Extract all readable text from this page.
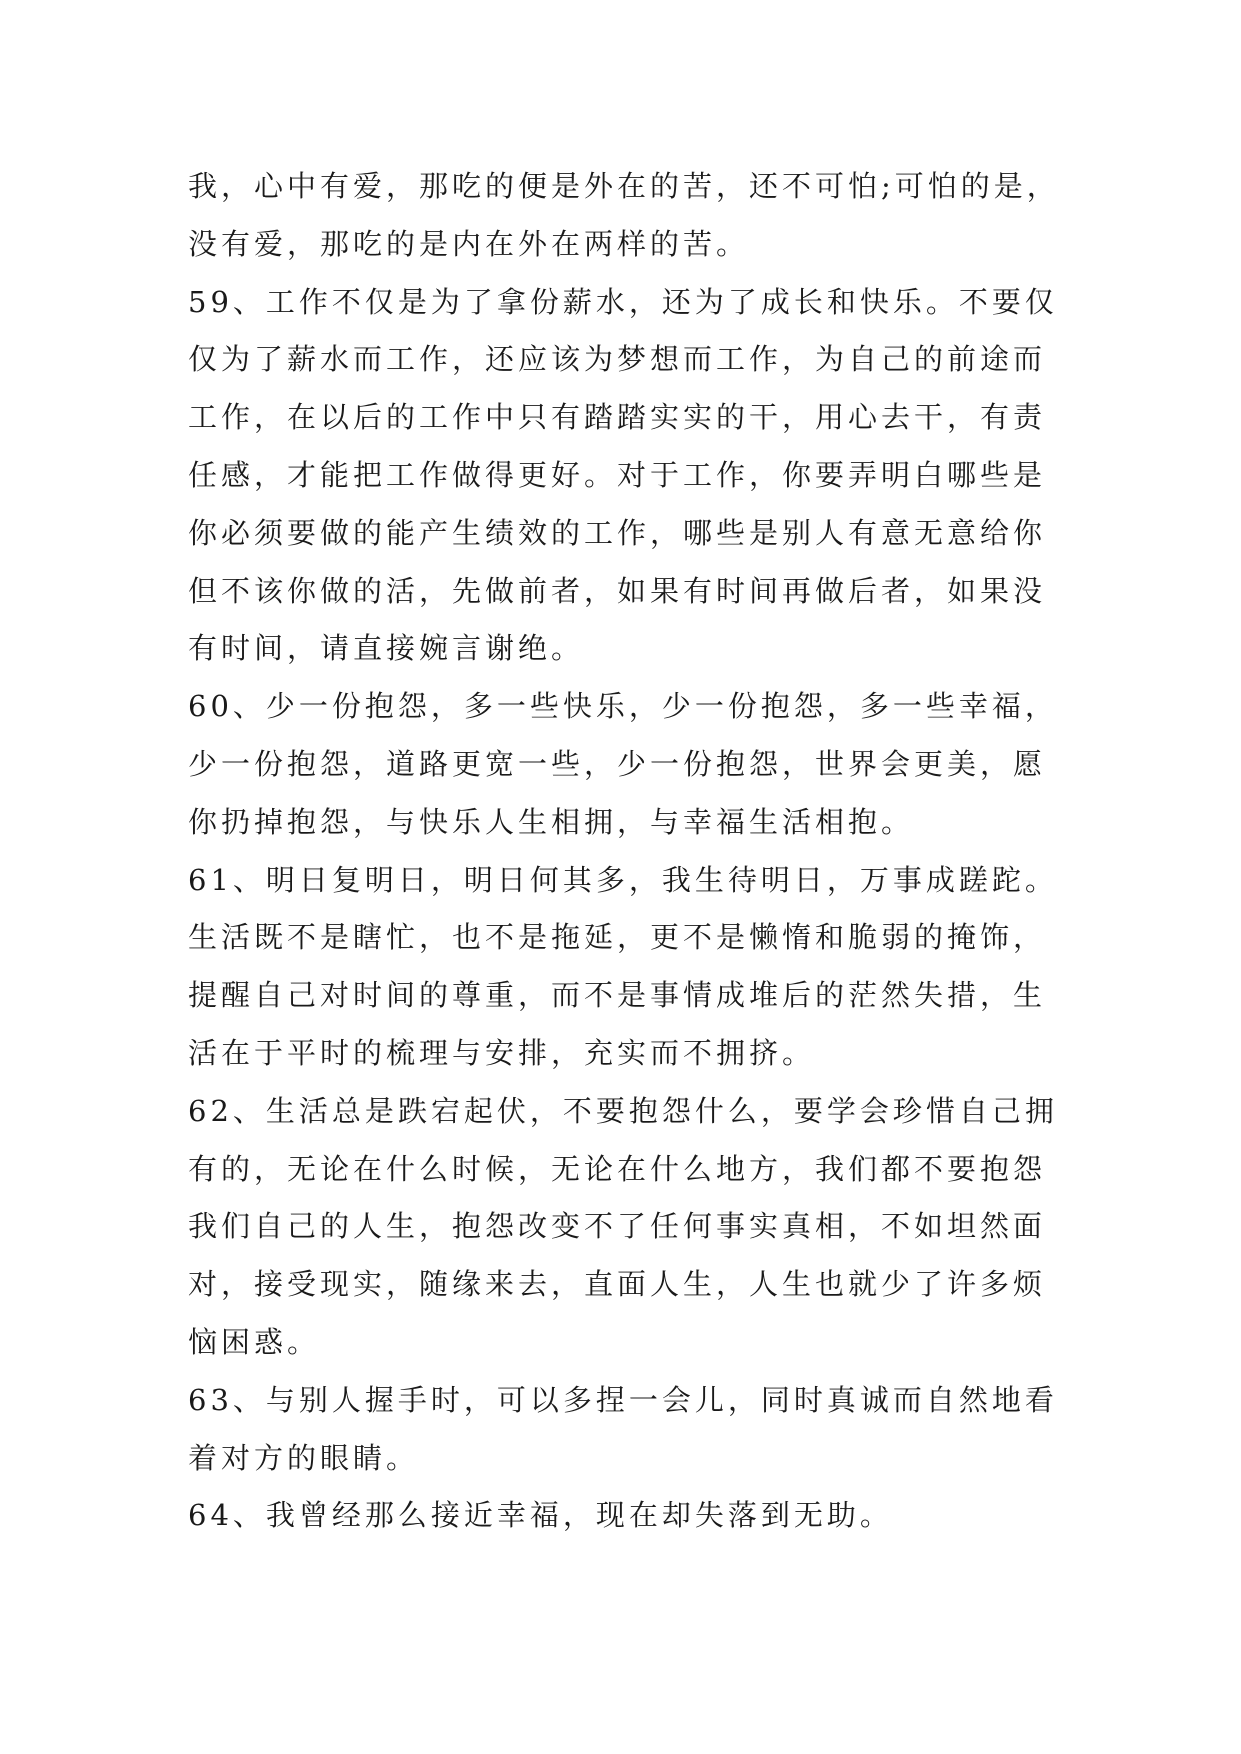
我，心中有爱，那吃的便是外在的苦，还不可怕;可怕的是，
没有爱，那吃的是内在外在两样的苦。
59、工作不仅是为了拿份薪水，还为了成长和快乐。不要仅
仅为了薪水而工作，还应该为梦想而工作，为自己的前途而
工作，在以后的工作中只有踏踏实实的干，用心去干，有责
任感，才能把工作做得更好。对于工作，你要弄明白哪些是
你必须要做的能产生绩效的工作，哪些是别人有意无意给你
但不该你做的活，先做前者，如果有时间再做后者，如果没
有时间，请直接婉言谢绝。
60、少一份抱怨，多一些快乐，少一份抱怨，多一些幸福，
少一份抱怨，道路更宽一些，少一份抱怨，世界会更美，愿
你扔掉抱怨，与快乐人生相拥，与幸福生活相抱。
61、明日复明日，明日何其多，我生待明日，万事成蹉跎。
生活既不是瞎忙，也不是拖延，更不是懒惰和脆弱的掩饰，
提醒自己对时间的尊重，而不是事情成堆后的茫然失措，生
活在于平时的梳理与安排，充实而不拥挤。
62、生活总是跌宕起伏，不要抱怨什么，要学会珍惜自己拥
有的，无论在什么时候，无论在什么地方，我们都不要抱怨
我们自己的人生，抱怨改变不了任何事实真相，不如坦然面
对，接受现实，随缘来去，直面人生，人生也就少了许多烦
恼困惑。
63、与别人握手时，可以多捏一会儿，同时真诚而自然地看
着对方的眼睛。
64、我曾经那么接近幸福，现在却失落到无助。
